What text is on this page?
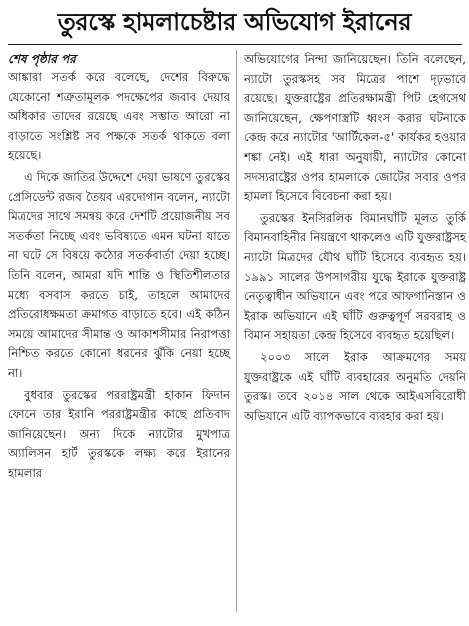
তুরস্কে হামলাচেষ্টার অভিযোগ ইরানের

শেষ পৃষ্ঠার পর

আঙ্কারা সতর্ক করে বলেছে, দেশের বিরুদ্ধে যেকোনো শত্রুতামূলক পদক্ষেপের জবাব দেয়ার অধিকার তাদের রয়েছে এবং সম্ভাত আরো না বাড়াতে সংশ্লিষ্ট সব পক্ষকে সতর্ক থাকতে বলা হয়েছে।

এ দিকে জাতির উদ্দেশে দেয়া ভাষণে তুরস্কের প্রেসিডেন্ট রজব তৈয়ব এরদোগান বলেন, ন্যাটো মিত্রদের সাথে সমন্বয় করে দেশটি প্রয়োজনীয় সব সতর্কতা নিচ্ছে এবং ভবিষ্যতে এমন ঘটনা যাতে না ঘটে সে বিষয়ে কঠোর সতর্কবার্তা দেয়া হচ্ছে। তিনি বলেন, আমরা যদি শান্তি ও স্থিতিশীলতার মধ্যে বসবাস করতে চাই, তাহলে আমাদের প্রতিরোধক্ষমতা ক্রমাগত বাড়াতে হবে। এই কঠিন সময়ে আমাদের সীমান্ত ও আকাশসীমার নিরাপত্তা নিশ্চিত করতে কোনো ধরনের ঝুঁকি নেয়া হচ্ছে না।

বুধবার তুরস্কের পররাষ্ট্রমন্ত্রী হাকান ফিদান ফোনে তার ইরানি পররাষ্ট্রমন্ত্রীর কাছে প্রতিবাদ জানিয়েছেন। অন্য দিকে ন্যাটোর মুখপাত্র অ্যালিসন হার্ট তুরস্ককে লক্ষ্য করে ইরানের হামলার

অভিযোগের নিন্দা জানিয়েছেন। তিনি বলেছেন, ন্যাটো তুরস্কসহ সব মিত্রের পাশে দৃঢ়ভাবে রয়েছে। যুক্তরাষ্ট্রের প্রতিরক্ষামন্ত্রী পিট হেগসেথ জানিয়েছেন, ক্ষেপণাস্ত্রটি ধ্বংস করার ঘটনাকে কেন্দ্র করে ন্যাটোর 'আর্টিকেল-৫' কার্যকর হওয়ার শঙ্কা নেই। এই ধারা অনুযায়ী, ন্যাটোর কোনো সদস্যরাষ্ট্রের ওপর হামলাকে জোটের সবার ওপর হামলা হিসেবে বিবেচনা করা হয়।

তুরস্কের ইনসিরলিক বিমানঘাঁটি মূলত তুর্কি বিমানবাহিনীর নিয়ন্ত্রণে থাকলেও এটি যুক্তরাষ্ট্রসহ ন্যাটো মিত্রদের যৌথ ঘাঁটি হিসেবে ব্যবহৃত হয়। ১৯৯১ সালের উপসাগরীয় যুদ্ধে ইরাকে যুক্তরাষ্ট্র নেতৃত্বাধীন অভিযানে এবং পরে আফগানিস্তান ও ইরাক অভিযানে এই ঘাঁটি গুরুত্বপূর্ণ সরবরাহ ও বিমান সহায়তা কেন্দ্র হিসেবে ব্যবহৃত হয়েছিল।

২০০৩ সালে ইরাক আক্রমণের সময় যুক্তরাষ্ট্রকে এই ঘাঁটি ব্যবহারের অনুমতি দেয়নি তুরস্ক। তবে ২০১৪ সাল থেকে আইএসবিরোধী অভিযানে এটি ব্যাপকভাবে ব্যবহার করা হয়।
